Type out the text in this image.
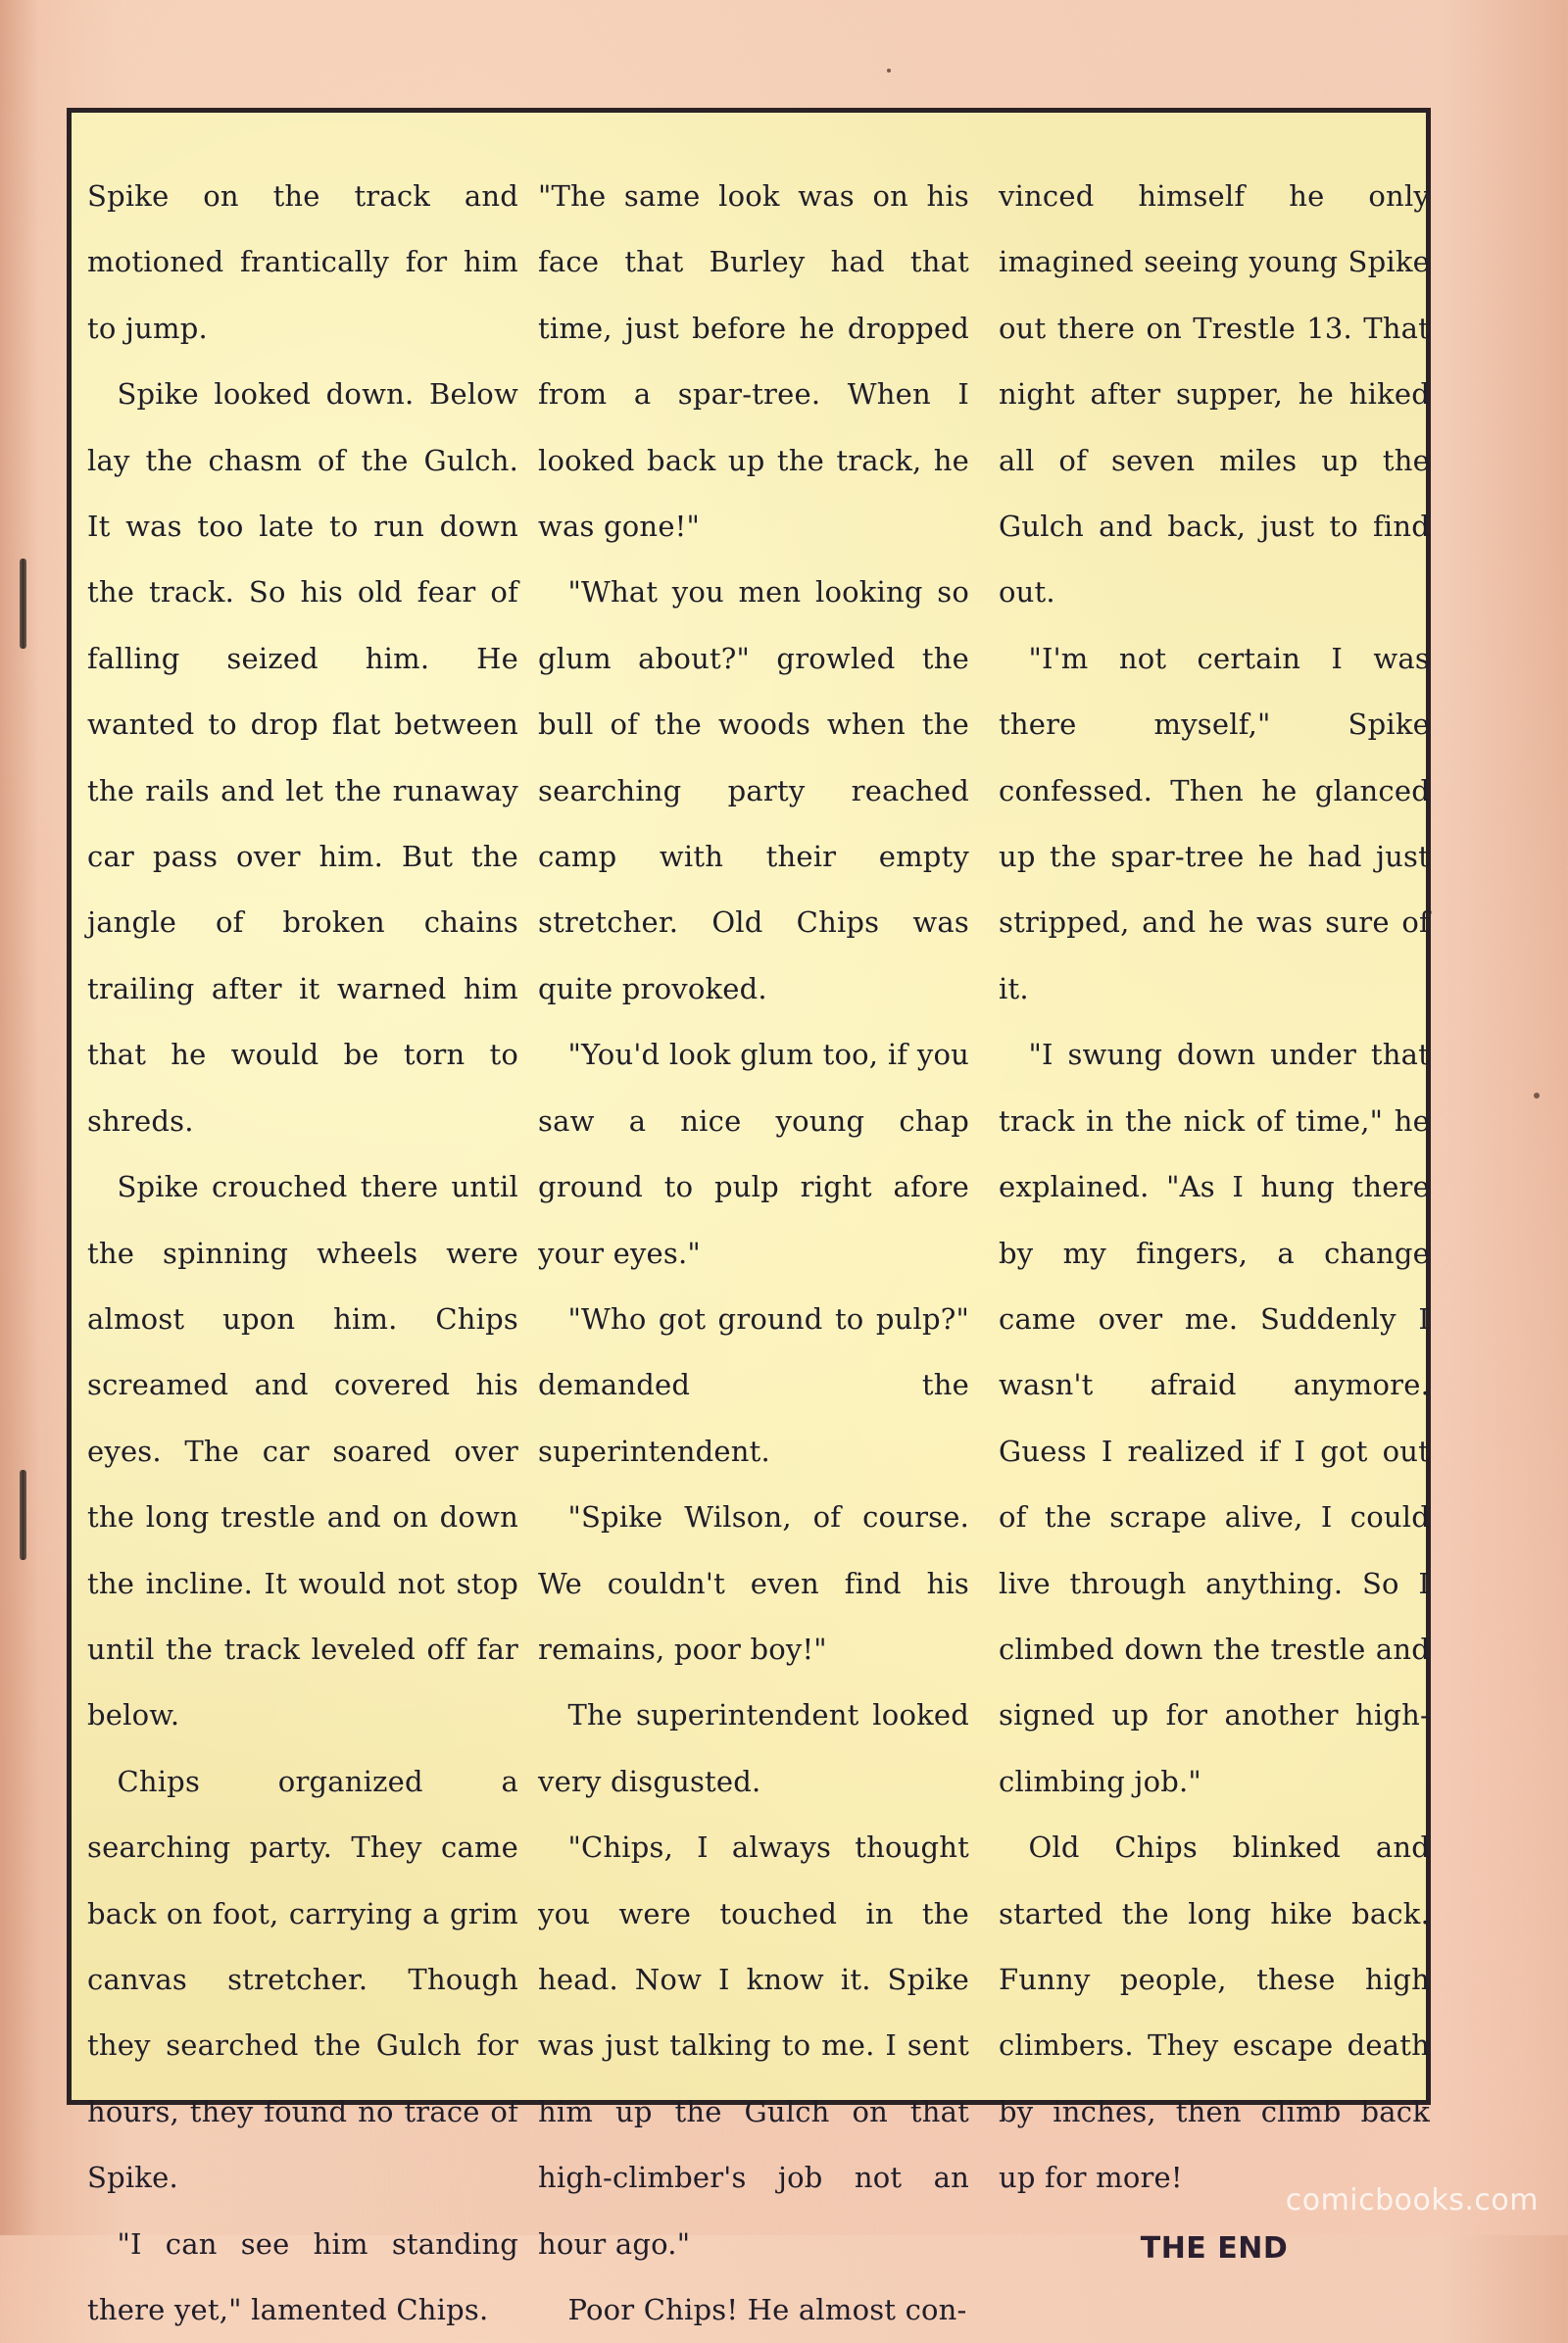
Spike on the track and motioned frantically for him to jump.

Spike looked down. Below lay the chasm of the Gulch. It was too late to run down the track. So his old fear of falling seized him. He wanted to drop flat between the rails and let the runaway car pass over him. But the jangle of broken chains trailing after it warned him that he would be torn to shreds.

Spike crouched there until the spinning wheels were almost upon him. Chips screamed and covered his eyes. The car soared over the long trestle and on down the incline. It would not stop until the track leveled off far below.

Chips organized a searching party. They came back on foot, carrying a grim canvas stretcher. Though they searched the Gulch for hours, they found no trace of Spike.

"I can see him standing there yet," lamented Chips.

"The same look was on his face that Burley had that time, just before he dropped from a spar-tree. When I looked back up the track, he was gone!"

"What you men looking so glum about?" growled the bull of the woods when the searching party reached camp with their empty stretcher. Old Chips was quite provoked.

"You'd look glum too, if you saw a nice young chap ground to pulp right afore your eyes."

"Who got ground to pulp?" demanded the superintendent.

"Spike Wilson, of course. We couldn't even find his remains, poor boy!"

The superintendent looked very disgusted.

"Chips, I always thought you were touched in the head. Now I know it. Spike was just talking to me. I sent him up the Gulch on that high-climber's job not an hour ago."

Poor Chips! He almost con-

vinced himself he only imagined seeing young Spike out there on Trestle 13. That night after supper, he hiked all of seven miles up the Gulch and back, just to find out.

"I'm not certain I was there myself," Spike confessed. Then he glanced up the spar-tree he had just stripped, and he was sure of it.

"I swung down under that track in the nick of time," he explained. "As I hung there by my fingers, a change came over me. Suddenly I wasn't afraid anymore. Guess I realized if I got out of the scrape alive, I could live through anything. So I climbed down the trestle and signed up for another high-climbing job."

Old Chips blinked and started the long hike back. Funny people, these high climbers. They escape death by inches, then climb back up for more!

THE END

comicbooks.com
